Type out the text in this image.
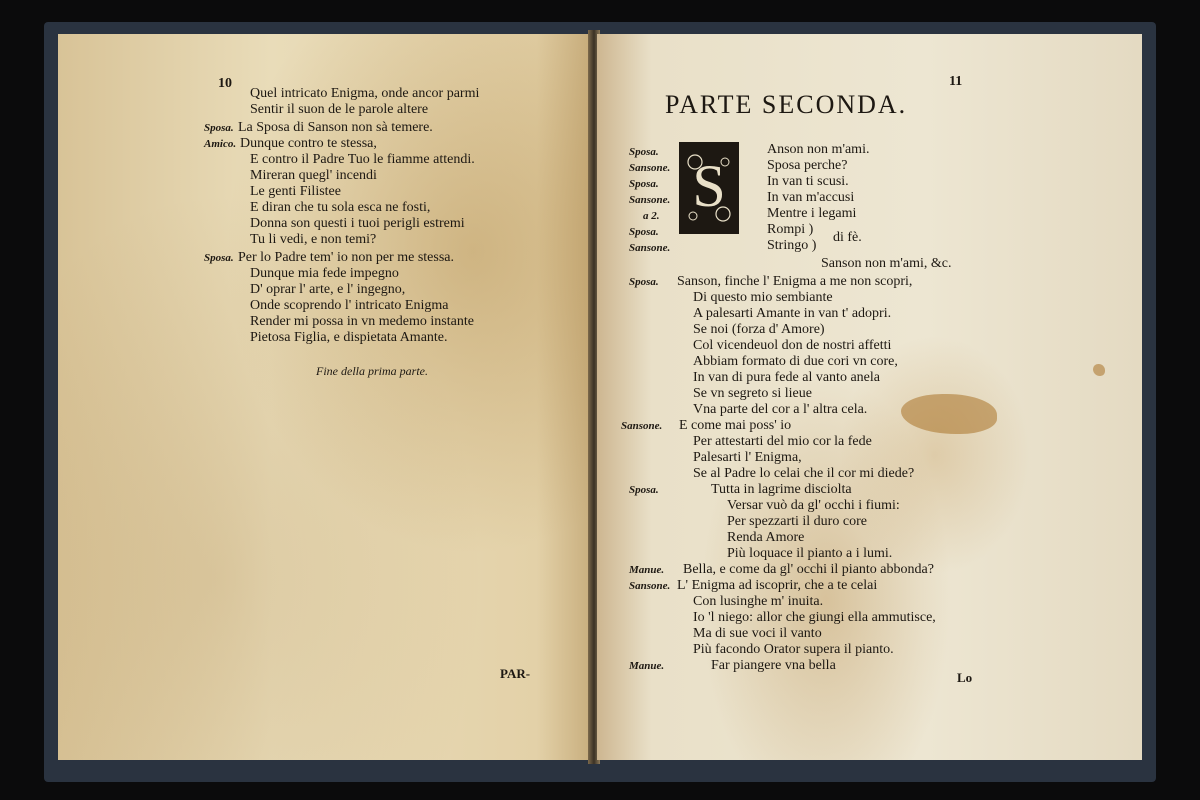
10
Quel intricato Enigma, onde ancor parmi
Sentir il suon de le parole altere
Sposa. La Sposa di Sanson non sà temere.
Amico. Dunque contro te stessa,
E contro il Padre Tuo le fiamme attendi.
Mireran quegl' incendi
Le genti Filistee
E diran che tu sola esca ne fosti,
Donna son questi i tuoi perigli estremi
Tu li vedi, e non temi?
Sposa. Per lo Padre tem' io non per me stessa.
Dunque mia fede impegno
D' oprar l' arte, e l' ingegno,
Onde scoprendo l' intricato Enigma
Render mi possa in vn medemo instante
Pietosa Figlia, e dispietata Amante.
Fine della prima parte.
PAR-
11
PARTE SECONDA.
S
Sposa.
Sansone.
Sposa.
Sansone.
a 2.
Sposa.
Sansone.
Anson non m'ami.
Sposa perche?
In van ti scusi.
In van m'accusi
Mentre i legami
Rompi )
di fè.
Stringo )
Sanson non m'ami, &c.
Sposa. Sanson, finche l' Enigma a me non scopri,
Di questo mio sembiante
A palesarti Amante in van t' adopri.
Se noi (forza d' Amore)
Col vicendeuol don de nostri affetti
Abbiam formato di due cori vn core,
In van di pura fede al vanto anela
Se vn segreto si lieue
Vna parte del cor a l' altra cela.
Sansone. E come mai poss' io
Per attestarti del mio cor la fede
Palesarti l' Enigma,
Se al Padre lo celai che il cor mi diede?
Sposa.	Tutta in lagrime disciolta
Versar vuò da gl' occhi i fiumi:
Per spezzarti il duro core
Renda Amore
Più loquace il pianto a i lumi.
Manue. Bella, e come da gl' occhi il pianto abbonda?
Sansone. L' Enigma ad iscoprir, che a te celai
Con lusinghe m' inuita.
Io 'l niego: allor che giungi ella ammutisce,
Ma di sue voci il vanto
Più facondo Orator supera il pianto.
Manue.	Far piangere vna bella
Lo
